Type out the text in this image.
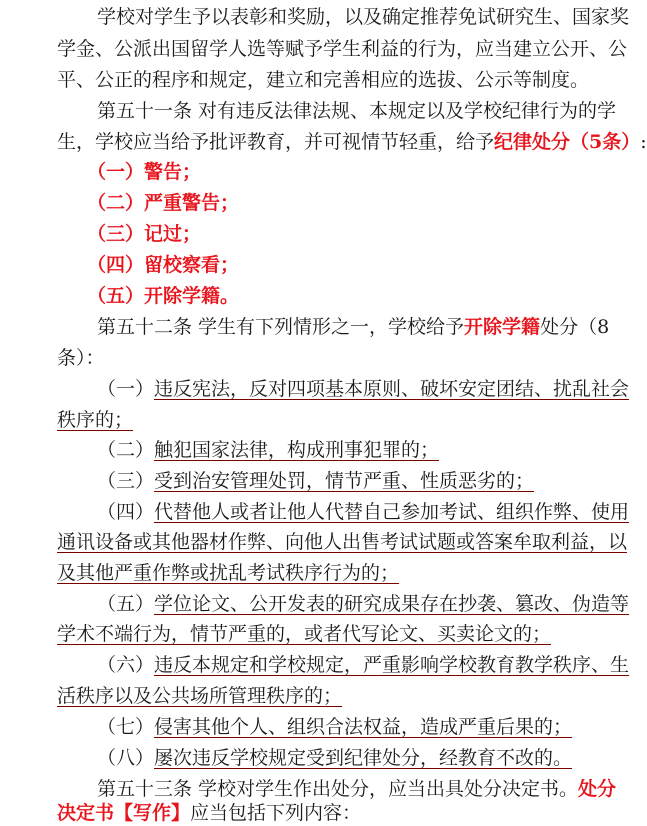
学校对学生予以表彰和奖励，以及确定推荐免试研究生、国家奖
学金、公派出国留学人选等赋予学生利益的行为，应当建立公开、公
平、公正的程序和规定，建立和完善相应的选拔、公示等制度。
第五十一条 对有违反法律法规、本规定以及学校纪律行为的学
生，学校应当给予批评教育，并可视情节轻重，给予纪律处分（5条）:
（一）警告；
（二）严重警告；
（三）记过；
（四）留校察看；
（五）开除学籍。
第五十二条 学生有下列情形之一，学校给予开除学籍处分（8
条）：
（一）违反宪法，反对四项基本原则、破坏安定团结、扰乱社会
秩序的；
（二）触犯国家法律，构成刑事犯罪的；
（三）受到治安管理处罚，情节严重、性质恶劣的；
（四）代替他人或者让他人代替自己参加考试、组织作弊、使用
通讯设备或其他器材作弊、向他人出售考试试题或答案牟取利益，以
及其他严重作弊或扰乱考试秩序行为的；
（五）学位论文、公开发表的研究成果存在抄袭、篡改、伪造等
学术不端行为，情节严重的，或者代写论文、买卖论文的；
（六）违反本规定和学校规定，严重影响学校教育教学秩序、生
活秩序以及公共场所管理秩序的；
（七）侵害其他个人、组织合法权益，造成严重后果的；
（八）屡次违反学校规定受到纪律处分，经教育不改的。
第五十三条 学校对学生作出处分，应当出具处分决定书。处分
决定书【写作】应当包括下列内容：
